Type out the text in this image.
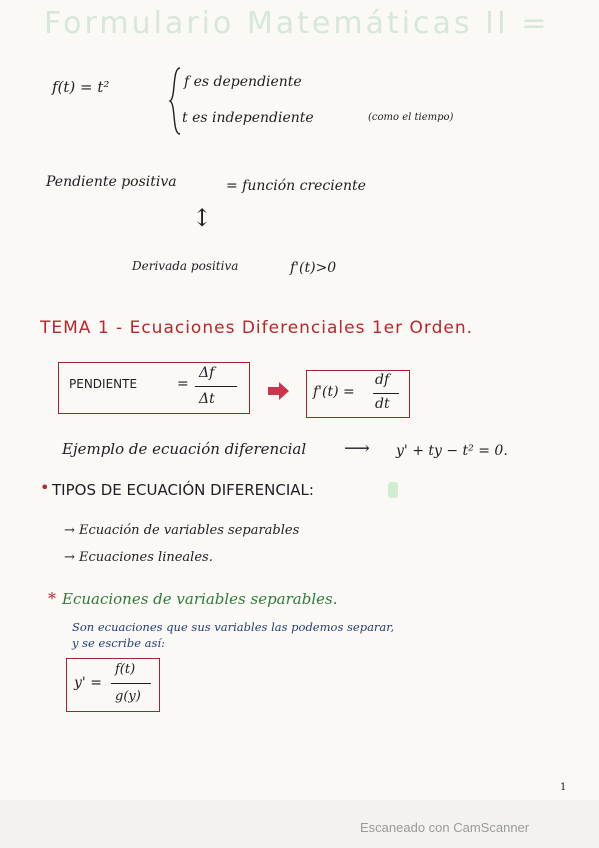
Formulario Matemáticas II =
f(t) = t²	f es dependiente
t es independiente	(como el tiempo)
Pendiente positiva	= función creciente
↕
Derivada positiva	f'(t)>0
TEMA 1 - Ecuaciones Diferenciales 1er Orden.
PENDIENTE	=
Δf
Δt	f'(t) =
df
dt
Ejemplo de ecuación diferencial ⟶ y' + ty − t² = 0.
• TIPOS DE ECUACIÓN DIFERENCIAL:
→ Ecuación de variables separables
→ Ecuaciones lineales.
* Ecuaciones de variables separables.
Son ecuaciones que sus variables las podemos separar,
y se escribe así:
y' =
f(t)
g(y)
1
Escaneado con CamScanner
